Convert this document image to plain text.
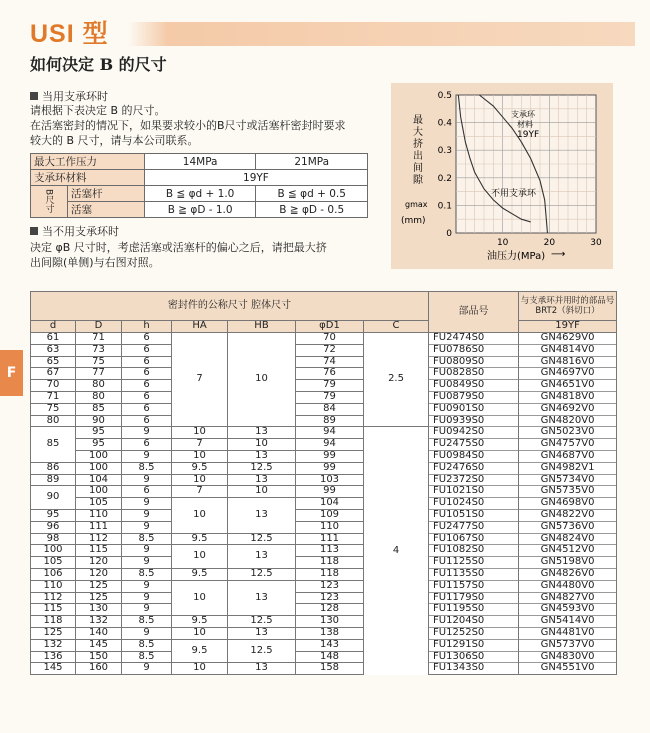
USI 型
如何决定 B 的尺寸
当用支承环时
请根据下表决定 B 的尺寸。
在活塞密封的情况下，如果要求较小的B尺寸或活塞杆密封时要求
较大的 B 尺寸，请与本公司联系。
最大工作压力		14MPa	21MPa
支承环材料		19YF	
B尺寸	活塞杆	B ≦ φd + 1.0	B ≦ φd + 0.5
	活塞	B ≧ φD - 1.0	B ≧ φD - 0.5
当不用支承环时
决定 φB 尺寸时，考虑活塞或活塞杆的偏心之后，请把最大挤
出间隙(单侧)与右图对照。
0
0.1
0.2
0.3
0.4
0.5
10	20	30
最大挤出间隙
gmax
(mm)
油压力(MPa) ⟶
支承环材料
19YF
不用支承环
F
密封件的公称尺寸 腔体尺寸							部品号	与支承环并用时的部品号
BRT2（斜切口）

d	D	h	HA	HB	φD1	C		19YF
61	71	6	7	10	70	2.5	FU2474S0	GN4629V0
63	73	6			72		FU0786S0	GN4814V0
65	75	6			74		FU0809S0	GN4816V0
67	77	6			76		FU0828S0	GN4697V0
70	80	6			79		FU0849S0	GN4651V0
71	80	6			79		FU0879S0	GN4818V0
75	85	6			84		FU0901S0	GN4692V0
80	90	6			89		FU0939S0	GN4820V0
85	95	9	10	13	94	4	FU0942S0	GN5023V0
	95	6	7	10	94		FU2475S0	GN4757V0
	100	9	10	13	99		FU0984S0	GN4687V0
86	100	8.5	9.5	12.5	99		FU2476S0	GN4982V1
89	104	9	10	13	103		FU2372S0	GN5734V0
90	100	6	7	10	99		FU1021S0	GN5735V0
	105	9	10	13	104		FU1024S0	GN4698V0
95	110	9			109		FU1051S0	GN4822V0
96	111	9			110		FU2477S0	GN5736V0
98	112	8.5	9.5	12.5	111		FU1067S0	GN4824V0
100	115	9	10	13	113		FU1082S0	GN4512V0
105	120	9			118		FU1125S0	GN5198V0
106	120	8.5	9.5	12.5	118		FU1135S0	GN4826V0
110	125	9	10	13	123		FU1157S0	GN4480V0
112	125	9			123		FU1179S0	GN4827V0
115	130	9			128		FU1195S0	GN4593V0
118	132	8.5	9.5	12.5	130		FU1204S0	GN5414V0
125	140	9	10	13	138		FU1252S0	GN4481V0
132	145	8.5	9.5	12.5	143		FU1291S0	GN5737V0
136	150	8.5			148		FU1306S0	GN4830V0
145	160	9	10	13	158		FU1343S0	GN4551V0
